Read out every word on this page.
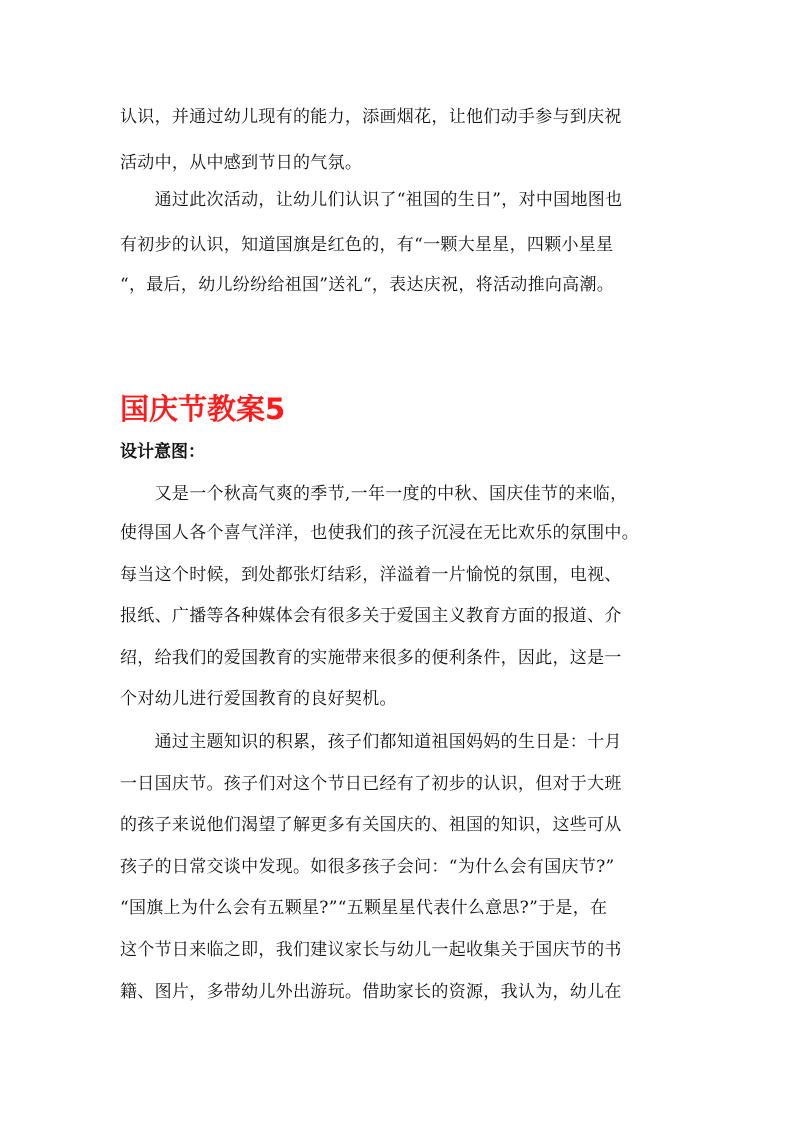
认识，并通过幼儿现有的能力，添画烟花，让他们动手参与到庆祝
活动中，从中感到节日的气氛。
　　通过此次活动，让幼儿们认识了“祖国的生日”，对中国地图也
有初步的认识，知道国旗是红色的，有“一颗大星星，四颗小星星
“，最后，幼儿纷纷给祖国”送礼“，表达庆祝，将活动推向高潮。
国庆节教案5
设计意图：
　　又是一个秋高气爽的季节,一年一度的中秋、国庆佳节的来临，
使得国人各个喜气洋洋，也使我们的孩子沉浸在无比欢乐的氛围中。
每当这个时候，到处都张灯结彩，洋溢着一片愉悦的氛围，电视、
报纸、广播等各种媒体会有很多关于爱国主义教育方面的报道、介
绍，给我们的爱国教育的实施带来很多的便利条件，因此，这是一
个对幼儿进行爱国教育的良好契机。
　　通过主题知识的积累，孩子们都知道祖国妈妈的生日是：十月
一日国庆节。孩子们对这个节日已经有了初步的认识，但对于大班
的孩子来说他们渴望了解更多有关国庆的、祖国的知识，这些可从
孩子的日常交谈中发现。如很多孩子会问：“为什么会有国庆节?”
“国旗上为什么会有五颗星?”“五颗星星代表什么意思?”于是，在
这个节日来临之即，我们建议家长与幼儿一起收集关于国庆节的书
籍、图片，多带幼儿外出游玩。借助家长的资源，我认为，幼儿在
